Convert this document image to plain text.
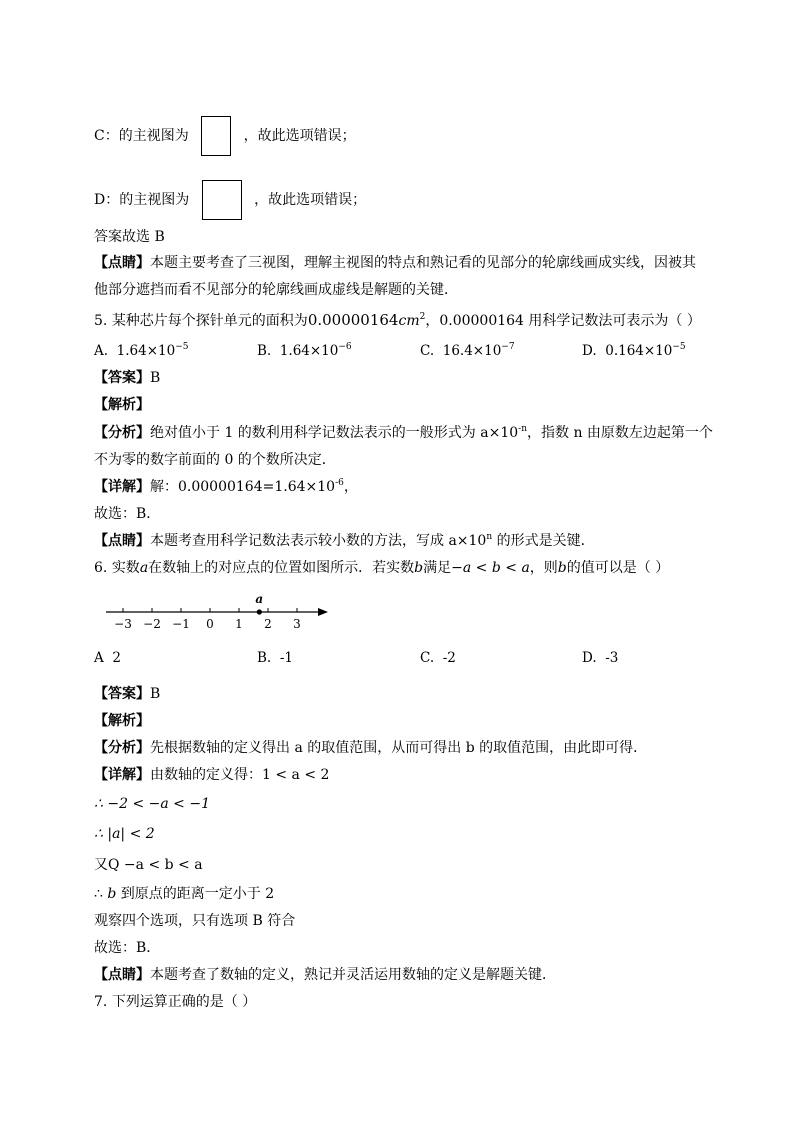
C：的主视图为	，故此选项错误；
D：的主视图为	，故此选项错误；
答案故选 B
【点睛】本题主要考查了三视图，理解主视图的特点和熟记看的见部分的轮廓线画成实线，因被其
他部分遮挡而看不见部分的轮廓线画成虚线是解题的关键．
5. 某种芯片每个探针单元的面积为$0.00000164cm^2$，0.00000164 用科学记数法可表示为（ ）
A. $1.64\times 10^{-5}$	B. $1.64\times 10^{-6}$	C. $16.4\times 10^{-7}$	D. $0.164\times 10^{-5}$
【答案】B
【解析】
【分析】绝对值小于 1 的数利用科学记数法表示的一般形式为 $a\times 10^{-n}$，指数 n 由原数左边起第一个
不为零的数字前面的 0 的个数所决定．
【详解】解：$0.00000164=1.64\times 10^{-6}$，
故选：B．
【点睛】本题考查用科学记数法表示较小数的方法，写成 $a\times 10^n$ 的形式是关键．
6. 实数a在数轴上的对应点的位置如图所示．若实数b满足−a < b < a，则b的值可以是（ ）
−3 −2 −1 0 1 2 3
a
A 2	B. -1	C. -2	D. -3
【答案】B
【解析】
【分析】先根据数轴的定义得出 a 的取值范围，从而可得出 b 的取值范围，由此即可得．
【详解】由数轴的定义得：1 < a < 2
∴ −2 < −a < −1
∴ |a| < 2
又Q −a < b < a
∴ b 到原点的距离一定小于 2
观察四个选项，只有选项 B 符合
故选：B．
【点睛】本题考查了数轴的定义，熟记并灵活运用数轴的定义是解题关键．
7. 下列运算正确的是（ ）
